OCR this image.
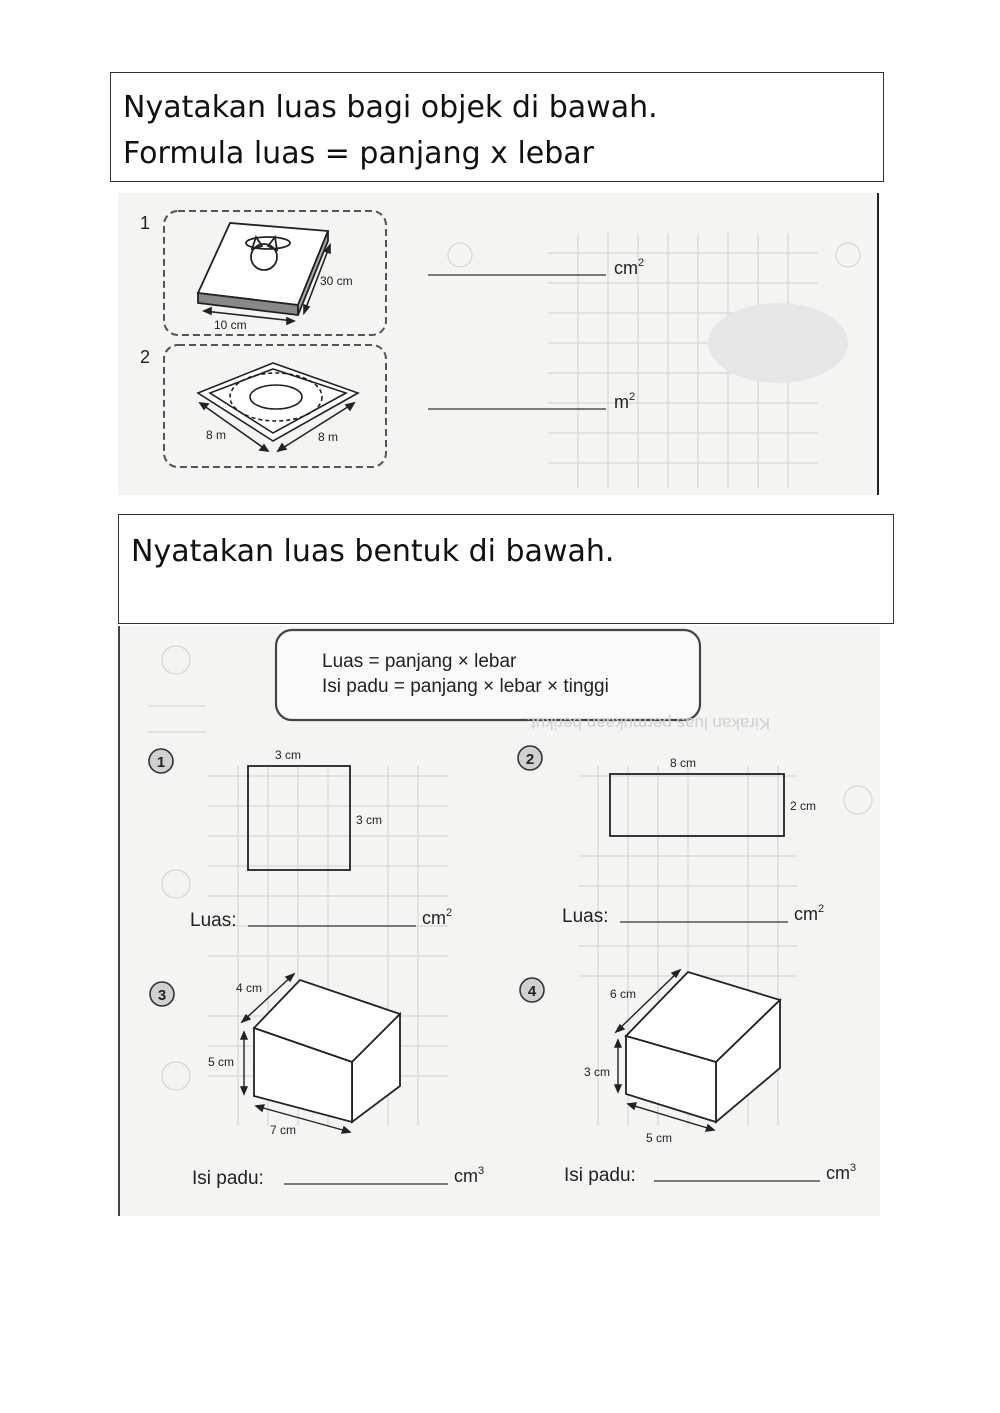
Nyatakan luas bagi objek di bawah.
Formula luas = panjang x lebar
1
10 cm
30 cm
$cm^2$
2
8 m	8 m
$m^2$
Nyatakan luas bentuk di bawah.
Luas = panjang × lebar
Isi padu = panjang × lebar × tinggi
Kirakan luas permukaan berikut.
1	3 cm
3 cm
Luas:	$cm^2$
2	8 cm
2 cm
Luas:	$cm^2$
3	4 cm
5 cm
7 cm
Isi padu:	$cm^3$
4	6 cm
3 cm
5 cm
Isi padu:	$cm^3$
